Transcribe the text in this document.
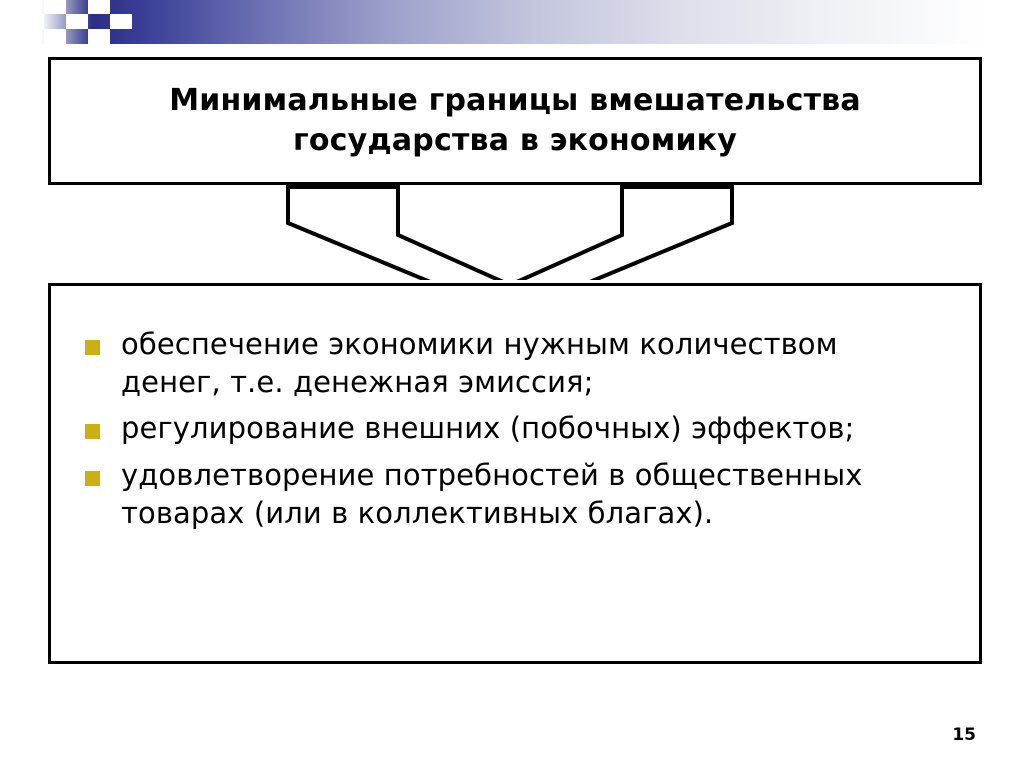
Минимальные границы вмешательства государства в экономику
обеспечение экономики нужным количеством денег, т.е. денежная эмиссия;
регулирование внешних (побочных) эффектов;
удовлетворение потребностей в общественных товарах (или в коллективных благах).
15
